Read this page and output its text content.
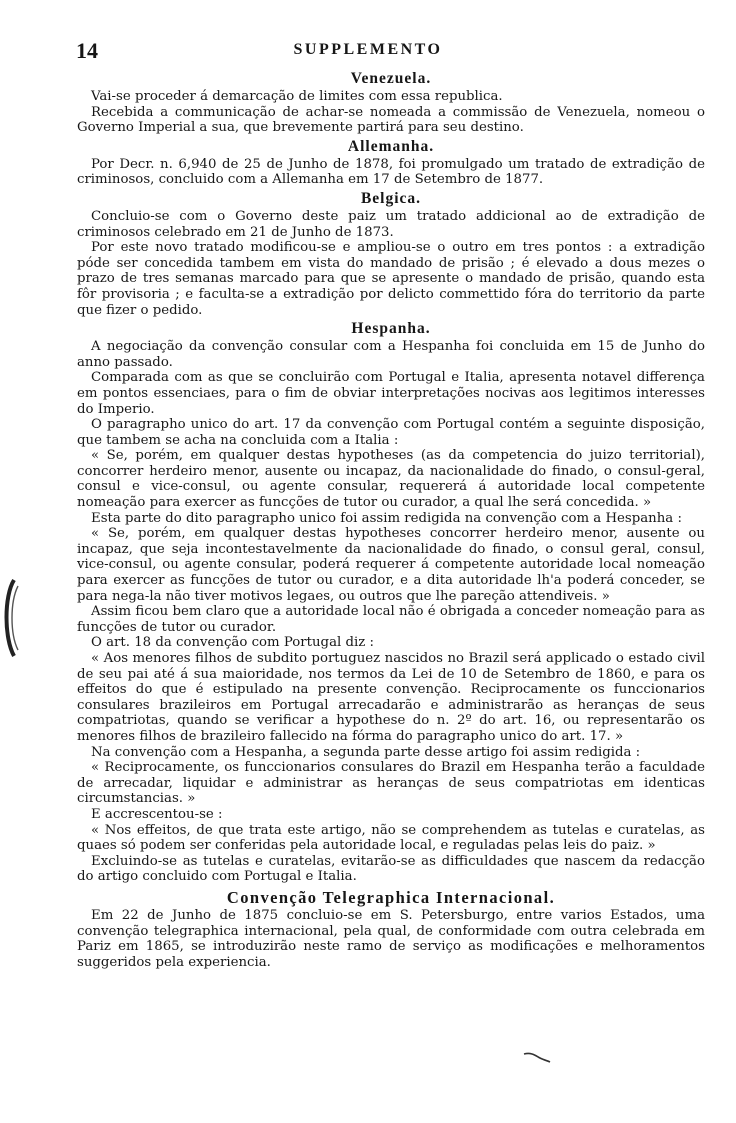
14	SUPPLEMENTO
Venezuela.

Vai-se proceder á demarcação de limites com essa republica.

Recebida a communicação de achar-se nomeada a commissão de Venezuela, nomeou o Governo Imperial a sua, que brevemente partirá para seu destino.

Allemanha.

Por Decr. n. 6,940 de 25 de Junho de 1878, foi promulgado um tratado de extradição de criminosos, concluido com a Allemanha em 17 de Setembro de 1877.

Belgica.

Concluio-se com o Governo deste paiz um tratado addicional ao de extradição de criminosos celebrado em 21 de Junho de 1873.

Por este novo tratado modificou-se e ampliou-se o outro em tres pontos : a extradição póde ser concedida tambem em vista do mandado de prisão ; é elevado a dous mezes o prazo de tres semanas marcado para que se apresente o mandado de prisão, quando esta fôr provisoria ; e faculta-se a extradição por delicto commettido fóra do territorio da parte que fizer o pedido.

Hespanha.

A negociação da convenção consular com a Hespanha foi concluida em 15 de Junho do anno passado.

Comparada com as que se concluirão com Portugal e Italia, apresenta notavel differença em pontos essenciaes, para o fim de obviar interpretações nocivas aos legitimos interesses do Imperio.

O paragrapho unico do art. 17 da convenção com Portugal contém a seguinte disposição, que tambem se acha na concluida com a Italia :

« Se, porém, em qualquer destas hypotheses (as da competencia do juizo territorial), concorrer herdeiro menor, ausente ou incapaz, da nacionalidade do finado, o consul-geral, consul e vice-consul, ou agente consular, requererá á autoridade local competente nomeação para exercer as funcções de tutor ou curador, a qual lhe será concedida. »

Esta parte do dito paragrapho unico foi assim redigida na convenção com a Hespanha :

« Se, porém, em qualquer destas hypotheses concorrer herdeiro menor, ausente ou incapaz, que seja incontestavelmente da nacionalidade do finado, o consul geral, consul, vice-consul, ou agente consular, poderá requerer á competente autoridade local nomeação para exercer as funcções de tutor ou curador, e a dita autoridade lh'a poderá conceder, se para nega-la não tiver motivos legaes, ou outros que lhe pareção attendiveis. »

Assim ficou bem claro que a autoridade local não é obrigada a conceder nomeação para as funcções de tutor ou curador.

O art. 18 da convenção com Portugal diz :

« Aos menores filhos de subdito portuguez nascidos no Brazil será applicado o estado civil de seu pai até á sua maioridade, nos termos da Lei de 10 de Setembro de 1860, e para os effeitos do que é estipulado na presente convenção. Reciprocamente os funccionarios consulares brazileiros em Portugal arrecadarão e administrarão as heranças de seus compatriotas, quando se verificar a hypothese do n. 2º do art. 16, ou representarão os menores filhos de brazileiro fallecido na fórma do paragrapho unico do art. 17. »

Na convenção com a Hespanha, a segunda parte desse artigo foi assim redigida :

« Reciprocamente, os funccionarios consulares do Brazil em Hespanha terão a faculdade de arrecadar, liquidar e administrar as heranças de seus compatriotas em identicas circumstancias. »

E accrescentou-se :

« Nos effeitos, de que trata este artigo, não se comprehendem as tutelas e curatelas, as quaes só podem ser conferidas pela autoridade local, e reguladas pelas leis do paiz. »

Excluindo-se as tutelas e curatelas, evitarão-se as difficuldades que nascem da redacção do artigo concluido com Portugal e Italia.

Convenção Telegraphica Internacional.

Em 22 de Junho de 1875 concluio-se em S. Petersburgo, entre varios Estados, uma convenção telegraphica internacional, pela qual, de conformidade com outra celebrada em Pariz em 1865, se introduzirão neste ramo de serviço as modificações e melhoramentos suggeridos pela experiencia.
